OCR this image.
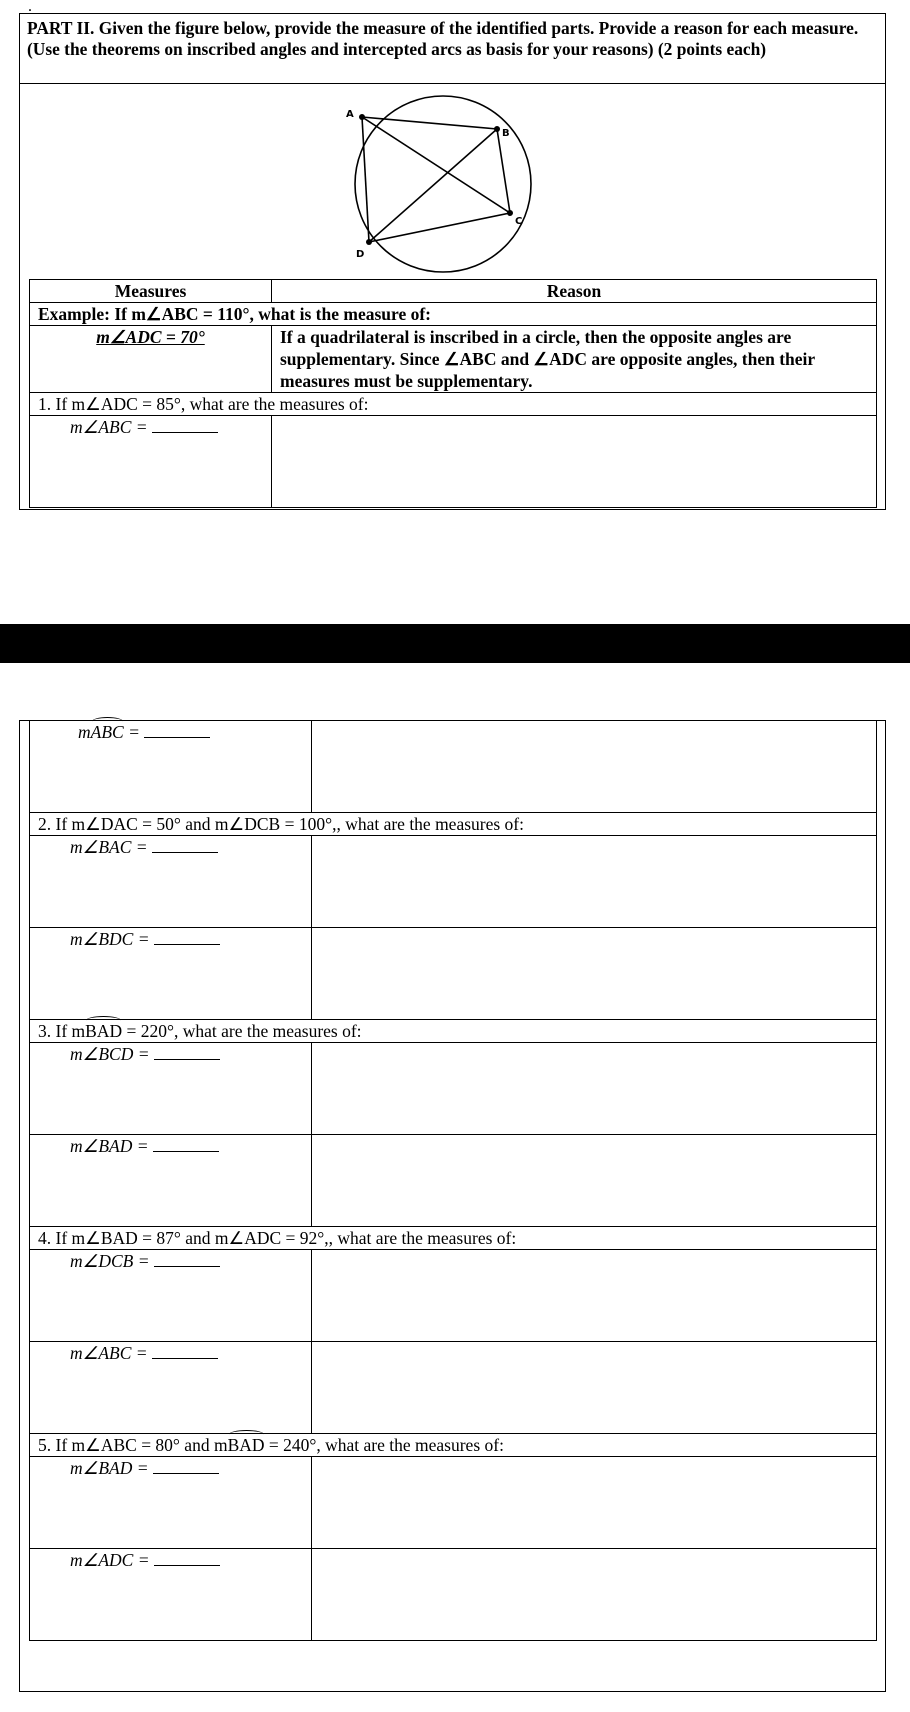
.
PART II. Given the figure below, provide the measure of the identified parts. Provide a reason for each measure. (Use the theorems on inscribed angles and intercepted arcs as basis for your reasons) (2 points each)
A
B
C
D
Measures	Reason
Example: If m∠ABC = 110°, what is the measure of:	
m∠ADC = 70°	If a quadrilateral is inscribed in a circle, then the opposite angles are supplementary. Since ∠ABC and ∠ADC are opposite angles, then their measures must be supplementary.
1. If m∠ADC = 85°, what are the measures of:	
m∠ABC =	
mABC =	
2. If m∠DAC = 50° and m∠DCB = 100°,, what are the measures of:	
m∠BAC =	
m∠BDC =	
3. If mBAD = 220°, what are the measures of:	
m∠BCD =	
m∠BAD =	
4. If m∠BAD = 87° and m∠ADC = 92°,, what are the measures of:	
m∠DCB =	
m∠ABC =	
5. If m∠ABC = 80° and mBAD = 240°, what are the measures of:	
m∠BAD =	
m∠ADC =	
